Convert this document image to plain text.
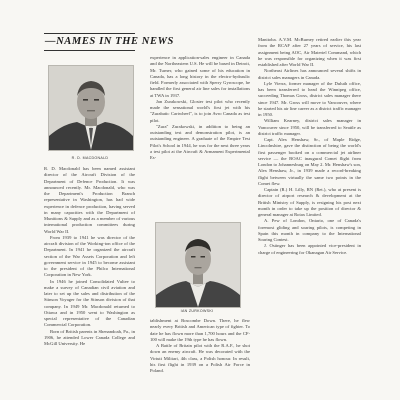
—NAMES IN THE NEWS
R. D. MACDONALD

R. D. Macdonald has been named assistant director of the Aircraft Division of the Department of Defence Production. It was announced recently. Mr. Macdonald, who was the Department's Production Branch representative in Washington, has had wide experience in defence production, having served in many capacities with the Department of Munitions & Supply and as a member of various international production committees during World War II.

From 1939 to 1941 he was director of the aircraft division of the Working-ton office of the Department. In 1941 he organized the aircraft section of the War Assets Corporation and left government service in 1945 to become assistant to the president of the Philco International Corporation in New York.

In 1946 he joined Consolidated Vultee to make a survey of Canadian civil aviation and later to set up the sales and distribution of the Stinson Voyager for the Stinson division of that company. In 1949 Mr. Macdonald returned to Ottawa and in 1950 went to Washington as special representative of the Canadian Commercial Corporation.

Born of British parents in Shenandoah, Pa., in 1906, he attended Lower Canada College and McGill University. He

experience in application-sales engineer in Canada and the Northeastern U.S. He will be based in Detroit, Mr. Turner, who gained some of his education in Canada, has a long history in the electro-hydraulic field. Formerly associated with Sperry Gyroscope, he handled the first general air line sales for installations at TWA in 1937.

Jan Zurakowski, Gloster test pilot who recently made the sensational world's first jet with his "Zurabatic Cartwheel", is to join Avro Canada as test pilot.

"Zura" Zurakowski, in addition to being an outstanding test and demonstration pilot, is an outstanding engineer. A graduate of the Empire Test Pilot's School in 1944, he was for the next three years a test pilot at the Aircraft & Armament Experimental Es-

IAN ZURKOWSKI

tablishment at Boscombe Down. There, he flew nearly every British and American type of fighter. To date he has flown more than 1,700 hours and the CF-100 will make the 19th type he has flown.

A Battle of Britain pilot with the R.A.F., he shot down an enemy aircraft. He was decorated with the Virtuti Militari, 4th class, a Polish honour. In result, his first flight in 1939 on a Polish Air Force in Poland.

Manitoba. A.V.M. McBurney retired earlier this year from the RCAF after 27 years of service, his last assignment being AOC, Air Materiel Command, which he was responsible for organizing when it was first established after World War II.

Northeast Airlines has announced several shifts in district sales managers in Canada.

Lyle Vierra, former manager of the Duluth office, has been transferred to head the Winnipeg office, succeeding Thomas Gross, district sales manager there since 1947. Mr. Gross will move to Vancouver, where he started his air line career as a district traffic manager in 1950.

William Kearney, district sales manager in Vancouver since 1950, will be transferred to Seattle as district traffic manager.

Capt. Alex Henshaw, Sr., of Maple Ridge, Lincolnshire, gave the distinction of being the world's first passenger booked on a commercial jet airliner service — the BOAC inaugural Comet flight from London to Johannesburg on May 2. Mr. Henshaw's son, Alex Henshaw, Jr., in 1939 made a record-breaking flight between virtually the same two points in the Comet flew.

Captain (R.) H. Lilly, RN (Ret.), who at present is director of airport research & development at the British Ministry of Supply, is resigning his post next month in order to take up the position of director & general manager at Rotax Limited.

A. Pew of London, Ontario, one of Canada's foremost gliding and soaring pilots, is competing in Spain this month in company to the International Soaring Contest.

J. Ostinger has been appointed vice-president in charge of engineering for Okanagan Air Service.
